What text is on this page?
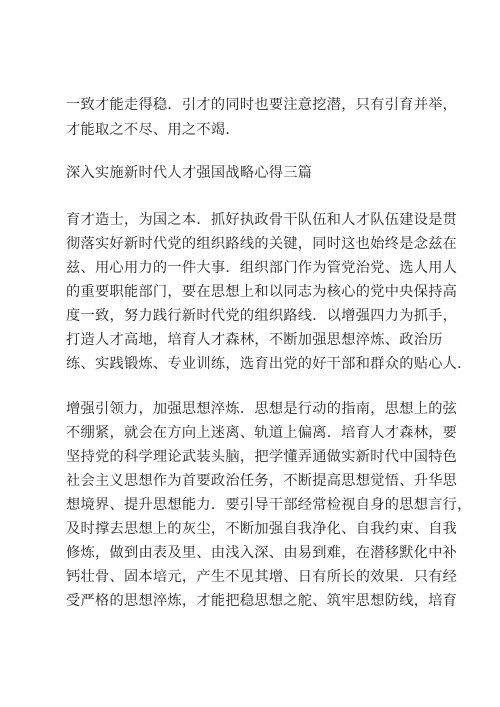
一致才能走得稳．引才的同时也要注意挖潜，只有引育并举，
才能取之不尽、用之不竭．
深入实施新时代人才强国战略心得三篇
育才造士，为国之本．抓好执政骨干队伍和人才队伍建设是贯
彻落实好新时代党的组织路线的关键，同时这也始终是念兹在
兹、用心用力的一件大事．组织部门作为管党治党、选人用人
的重要职能部门，要在思想上和以同志为核心的党中央保持高
度一致，努力践行新时代党的组织路线．以增强四力为抓手，
打造人才高地，培育人才森林，不断加强思想淬炼、政治历
练、实践锻炼、专业训练，选育出党的好干部和群众的贴心人．
增强引领力，加强思想淬炼．思想是行动的指南，思想上的弦
不绷紧，就会在方向上迷离、轨道上偏离．培育人才森林，要
坚持党的科学理论武装头脑，把学懂弄通做实新时代中国特色
社会主义思想作为首要政治任务，不断提高思想觉悟、升华思
想境界、提升思想能力．要引导干部经常检视自身的思想言行，
及时撑去思想上的灰尘，不断加强自我净化、自我约束、自我
修炼，做到由表及里、由浅入深、由易到难，在潜移默化中补
钙壮骨、固本培元，产生不见其增、日有所长的效果．只有经
受严格的思想淬炼，才能把稳思想之舵、筑牢思想防线，培育
